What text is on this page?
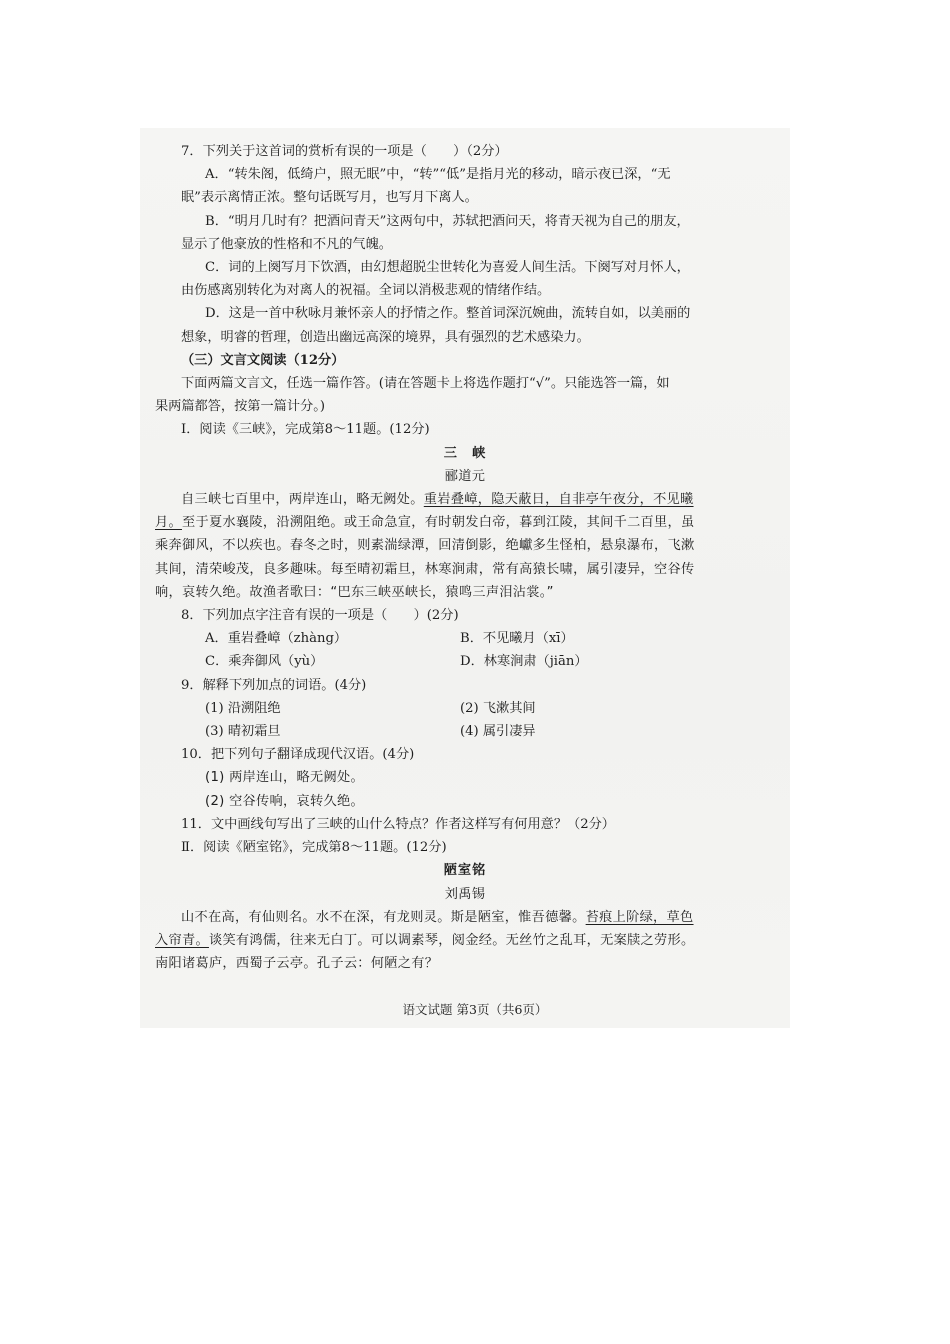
7．下列关于这首词的赏析有误的一项是（　　）（2分）
A．“转朱阁，低绮户，照无眠”中，“转”“低”是指月光的移动，暗示夜已深，“无
眠”表示离情正浓。整句话既写月，也写月下离人。
B．“明月几时有？把酒问青天”这两句中，苏轼把酒问天，将青天视为自己的朋友，
显示了他豪放的性格和不凡的气魄。
C．词的上阕写月下饮酒，由幻想超脱尘世转化为喜爱人间生活。下阕写对月怀人，
由伤感离别转化为对离人的祝福。全词以消极悲观的情绪作结。
D．这是一首中秋咏月兼怀亲人的抒情之作。整首词深沉婉曲，流转自如，以美丽的
想象，明睿的哲理，创造出幽远高深的境界，具有强烈的艺术感染力。
（三）文言文阅读（12分）
下面两篇文言文，任选一篇作答。(请在答题卡上将选作题打“√”。只能选答一篇，如
果两篇都答，按第一篇计分。)
Ⅰ．阅读《三峡》，完成第8～11题。(12分)
三　峡
郦道元
自三峡七百里中，两岸连山，略无阙处。重岩叠嶂，隐天蔽日，自非亭午夜分，不见曦
月。至于夏水襄陵，沿溯阻绝。或王命急宣，有时朝发白帝，暮到江陵，其间千二百里，虽
乘奔御风，不以疾也。春冬之时，则素湍绿潭，回清倒影，绝巘多生怪柏，悬泉瀑布，飞漱
其间，清荣峻茂，良多趣味。每至晴初霜旦，林寒涧肃，常有高猿长啸，属引凄异，空谷传
响，哀转久绝。故渔者歌曰：“巴东三峡巫峡长，猿鸣三声泪沾裳。”
8．下列加点字注音有误的一项是（　　）(2分)
A．重岩叠嶂（zhàng）	B．不见曦月（xī）
C．乘奔御风（yù）	D．林寒涧肃（jiān）
9．解释下列加点的词语。(4分)
(1) 沿溯阻绝	(2) 飞漱其间
(3) 晴初霜旦	(4) 属引凄异
10．把下列句子翻译成现代汉语。(4分)
(1) 两岸连山，略无阙处。
(2) 空谷传响，哀转久绝。
11．文中画线句写出了三峡的山什么特点？作者这样写有何用意？（2分）
Ⅱ．阅读《陋室铭》，完成第8～11题。(12分)
陋室铭
刘禹锡
山不在高，有仙则名。水不在深，有龙则灵。斯是陋室，惟吾德馨。苔痕上阶绿，草色
入帘青。谈笑有鸿儒，往来无白丁。可以调素琴，阅金经。无丝竹之乱耳，无案牍之劳形。
南阳诸葛庐，西蜀子云亭。孔子云：何陋之有？
语文试题 第3页（共6页）
